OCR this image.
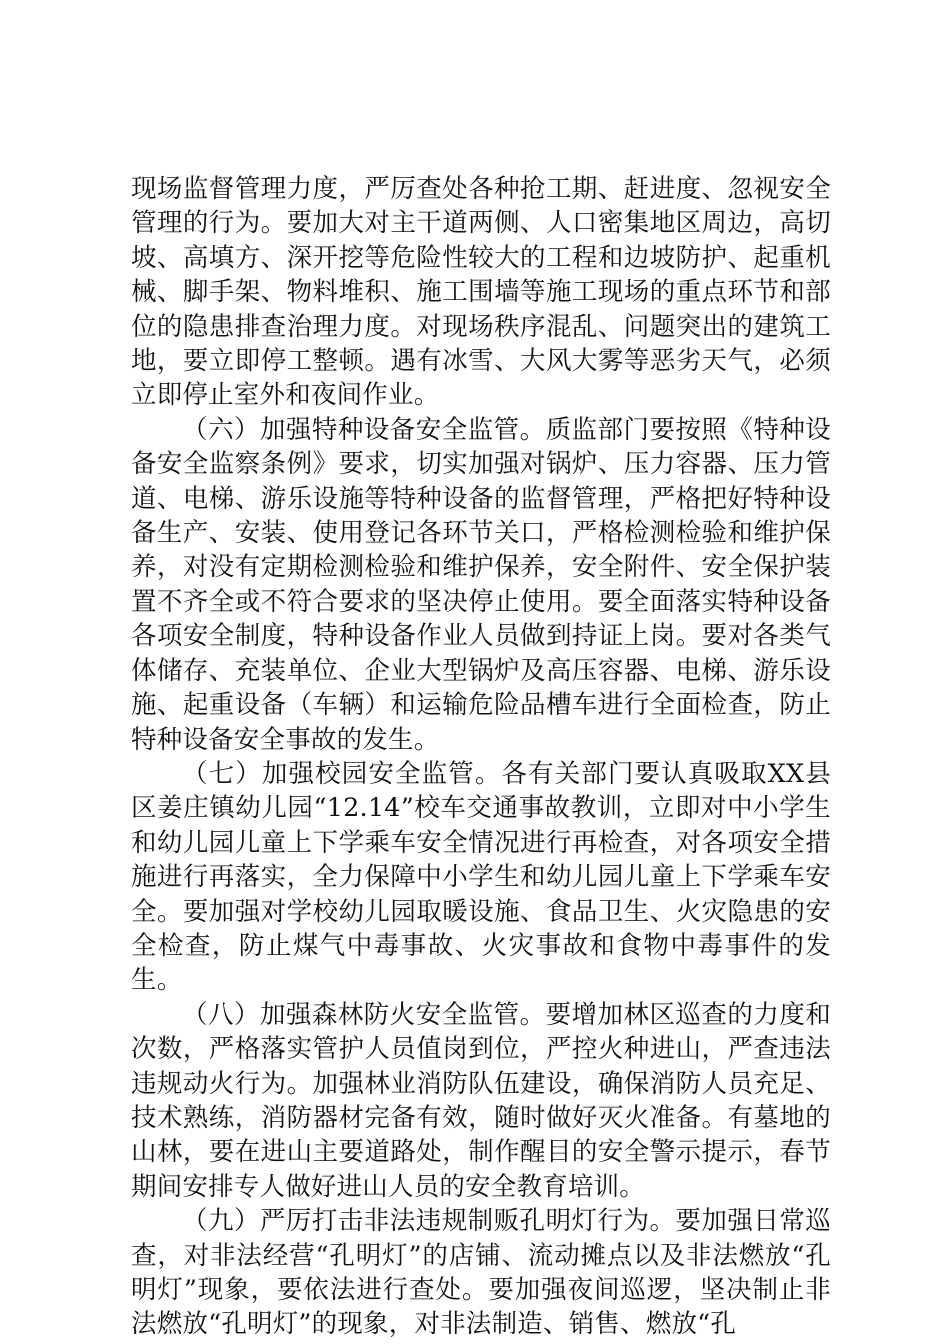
现场监督管理力度，严厉查处各种抢工期、赶进度、忽视安全管理的行为。要加大对主干道两侧、人口密集地区周边，高切坡、高填方、深开挖等危险性较大的工程和边坡防护、起重机械、脚手架、物料堆积、施工围墙等施工现场的重点环节和部位的隐患排查治理力度。对现场秩序混乱、问题突出的建筑工地，要立即停工整顿。遇有冰雪、大风大雾等恶劣天气，必须立即停止室外和夜间作业。

（六）加强特种设备安全监管。质监部门要按照《特种设备安全监察条例》要求，切实加强对锅炉、压力容器、压力管道、电梯、游乐设施等特种设备的监督管理，严格把好特种设备生产、安装、使用登记各环节关口，严格检测检验和维护保养，对没有定期检测检验和维护保养，安全附件、安全保护装置不齐全或不符合要求的坚决停止使用。要全面落实特种设备各项安全制度，特种设备作业人员做到持证上岗。要对各类气体储存、充装单位、企业大型锅炉及高压容器、电梯、游乐设施、起重设备（车辆）和运输危险品槽车进行全面检查，防止特种设备安全事故的发生。

（七）加强校园安全监管。各有关部门要认真吸取XX县区姜庄镇幼儿园“12.14”校车交通事故教训，立即对中小学生和幼儿园儿童上下学乘车安全情况进行再检查，对各项安全措施进行再落实，全力保障中小学生和幼儿园儿童上下学乘车安全。要加强对学校幼儿园取暖设施、食品卫生、火灾隐患的安全检查，防止煤气中毒事故、火灾事故和食物中毒事件的发生。

（八）加强森林防火安全监管。要增加林区巡查的力度和次数，严格落实管护人员值岗到位，严控火种进山，严查违法违规动火行为。加强林业消防队伍建设，确保消防人员充足、技术熟练，消防器材完备有效，随时做好灭火准备。有墓地的山林，要在进山主要道路处，制作醒目的安全警示提示，春节期间安排专人做好进山人员的安全教育培训。

（九）严厉打击非法违规制贩孔明灯行为。要加强日常巡查，对非法经营“孔明灯”的店铺、流动摊点以及非法燃放“孔明灯”现象，要依法进行查处。要加强夜间巡逻，坚决制止非法燃放“孔明灯”的现象，对非法制造、销售、燃放“孔
